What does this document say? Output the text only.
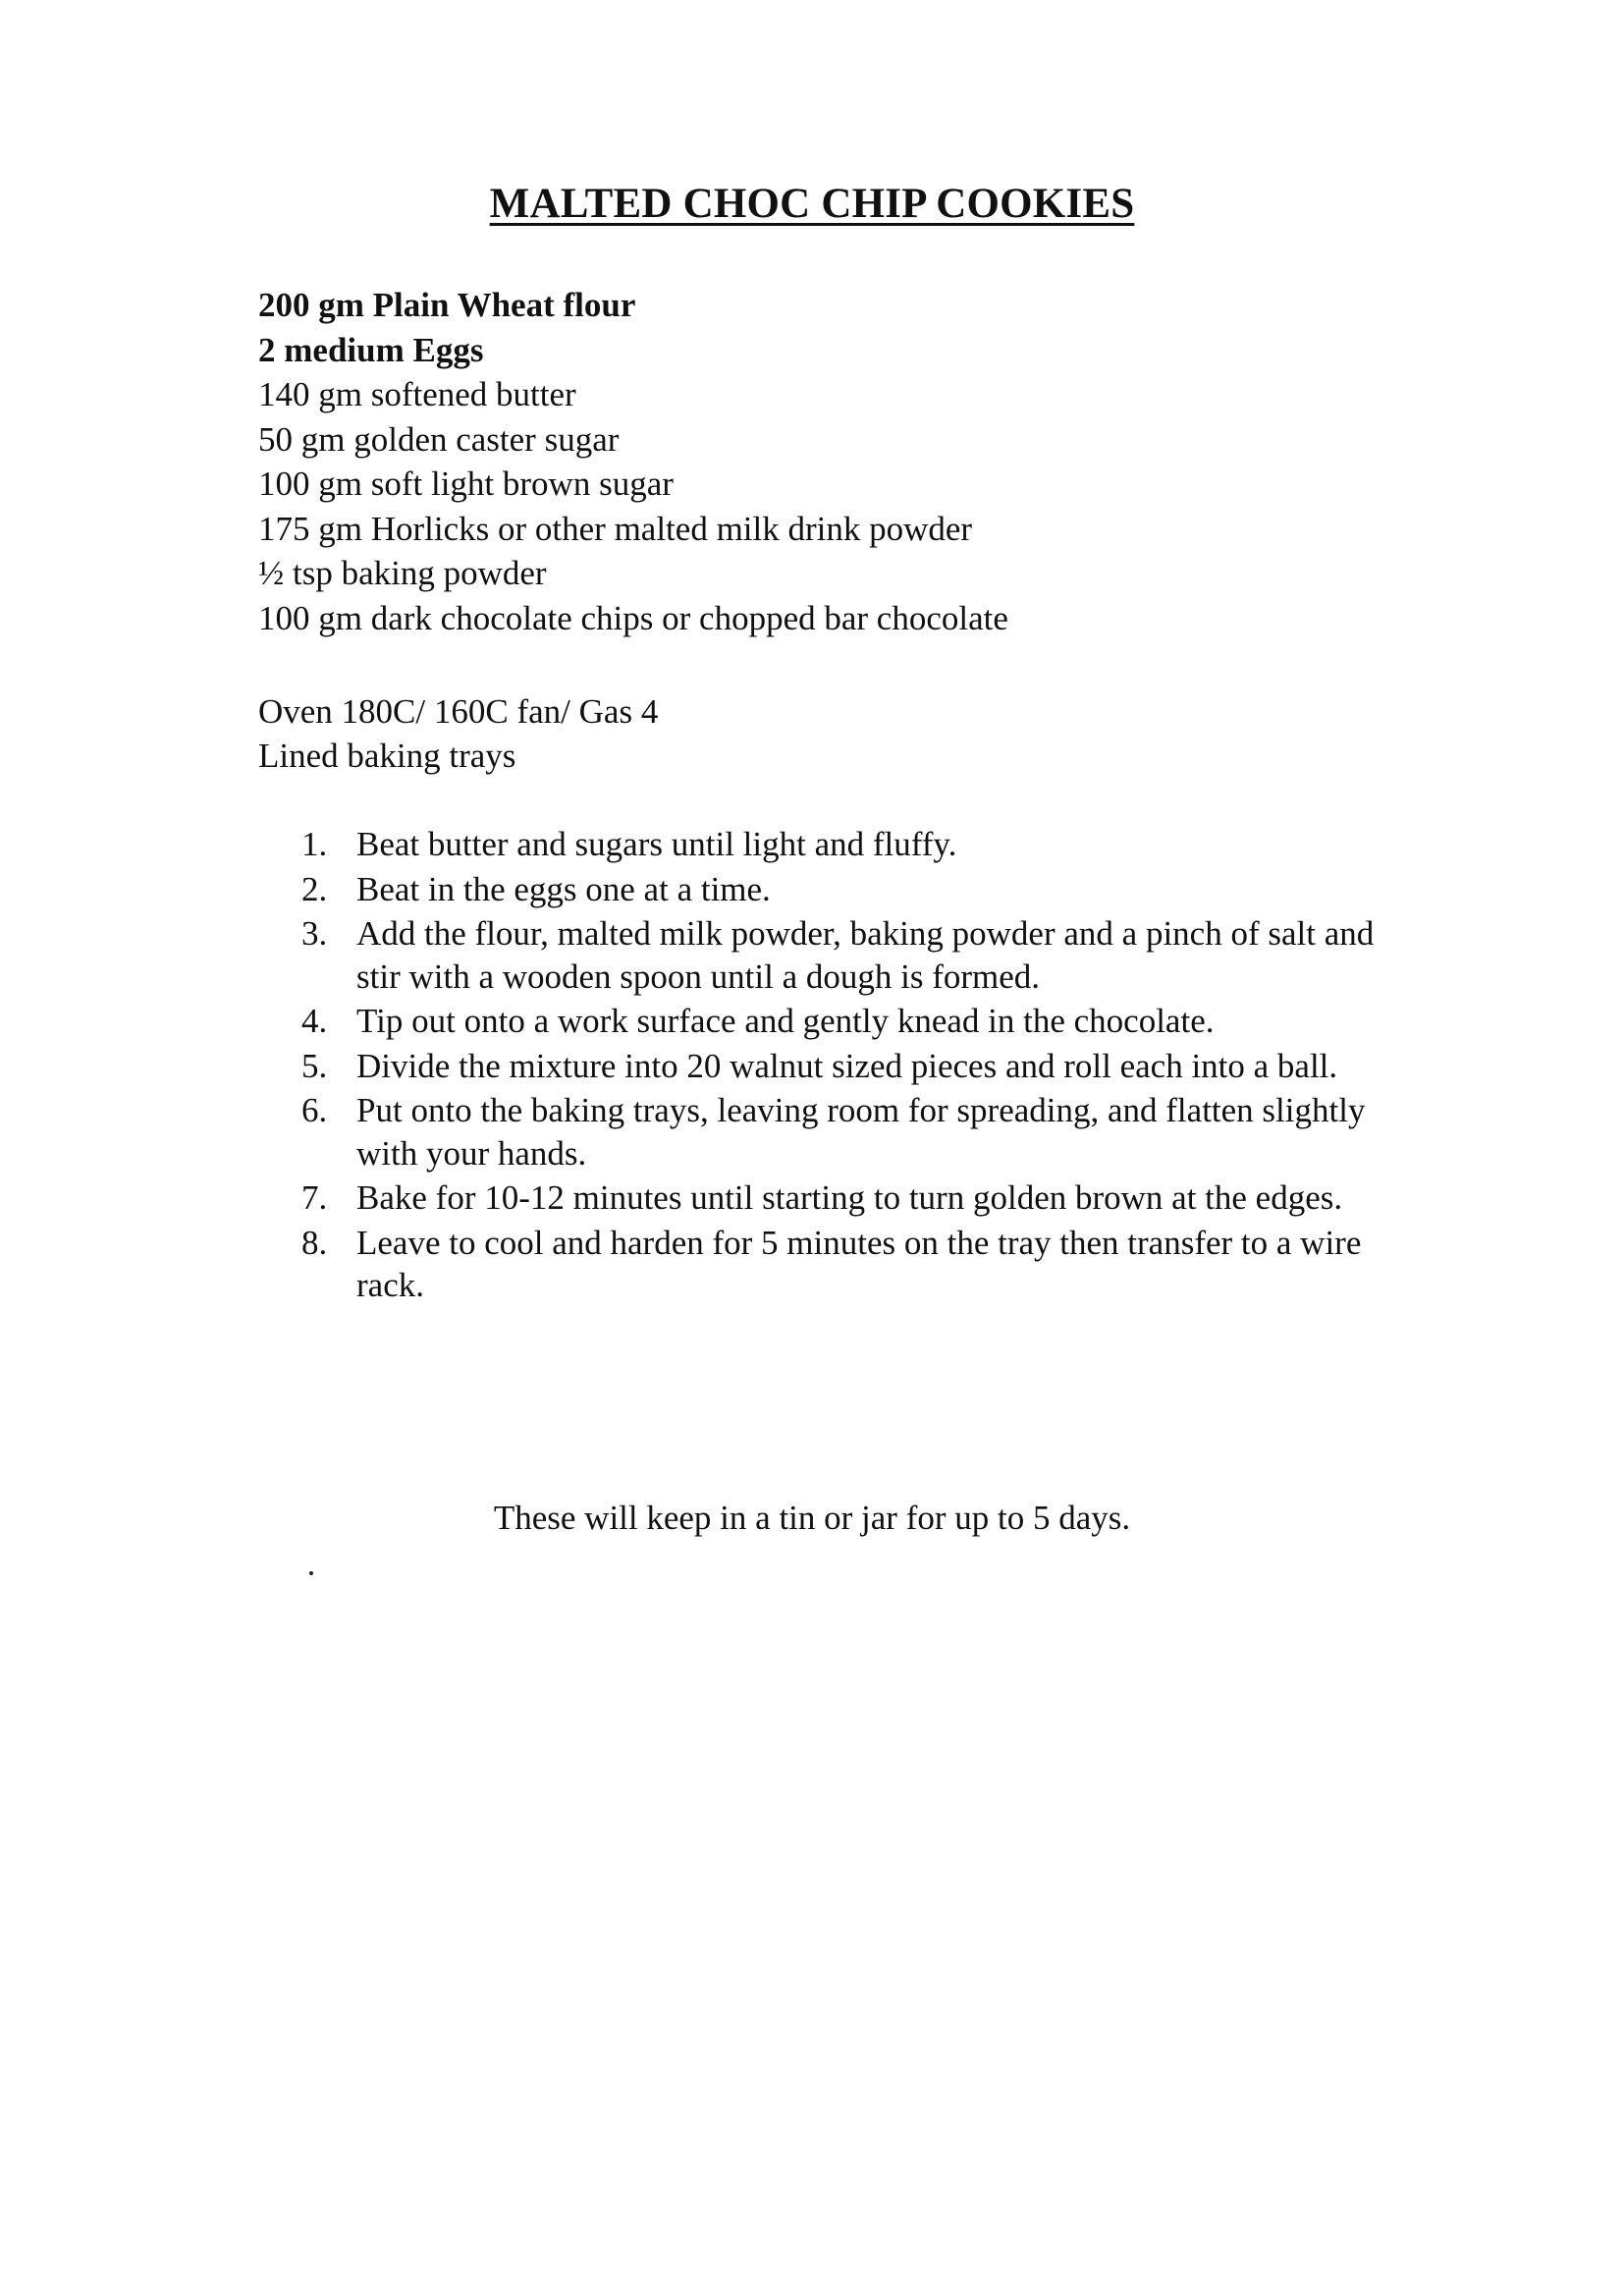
MALTED CHOC CHIP COOKIES
200 gm Plain Wheat flour
2 medium Eggs
140 gm softened butter
50 gm golden caster sugar
100 gm soft light brown sugar
175 gm Horlicks or other malted milk drink powder
½ tsp baking powder
100 gm dark chocolate chips or chopped bar chocolate
Oven 180C/ 160C fan/ Gas 4
Lined baking trays
1. Beat butter and sugars until light and fluffy.
2. Beat in the eggs one at a time.
3. Add the flour, malted milk powder, baking powder and a pinch of salt and stir with a wooden spoon until a dough is formed.
4. Tip out onto a work surface and gently knead in the chocolate.
5. Divide the mixture into 20 walnut sized pieces and roll each into a ball.
6. Put onto the baking trays, leaving room for spreading, and flatten slightly with your hands.
7. Bake for 10-12 minutes until starting to turn golden brown at the edges.
8. Leave to cool and harden for 5 minutes on the tray then transfer to a wire rack.
These will keep in a tin or jar for up to 5 days.
